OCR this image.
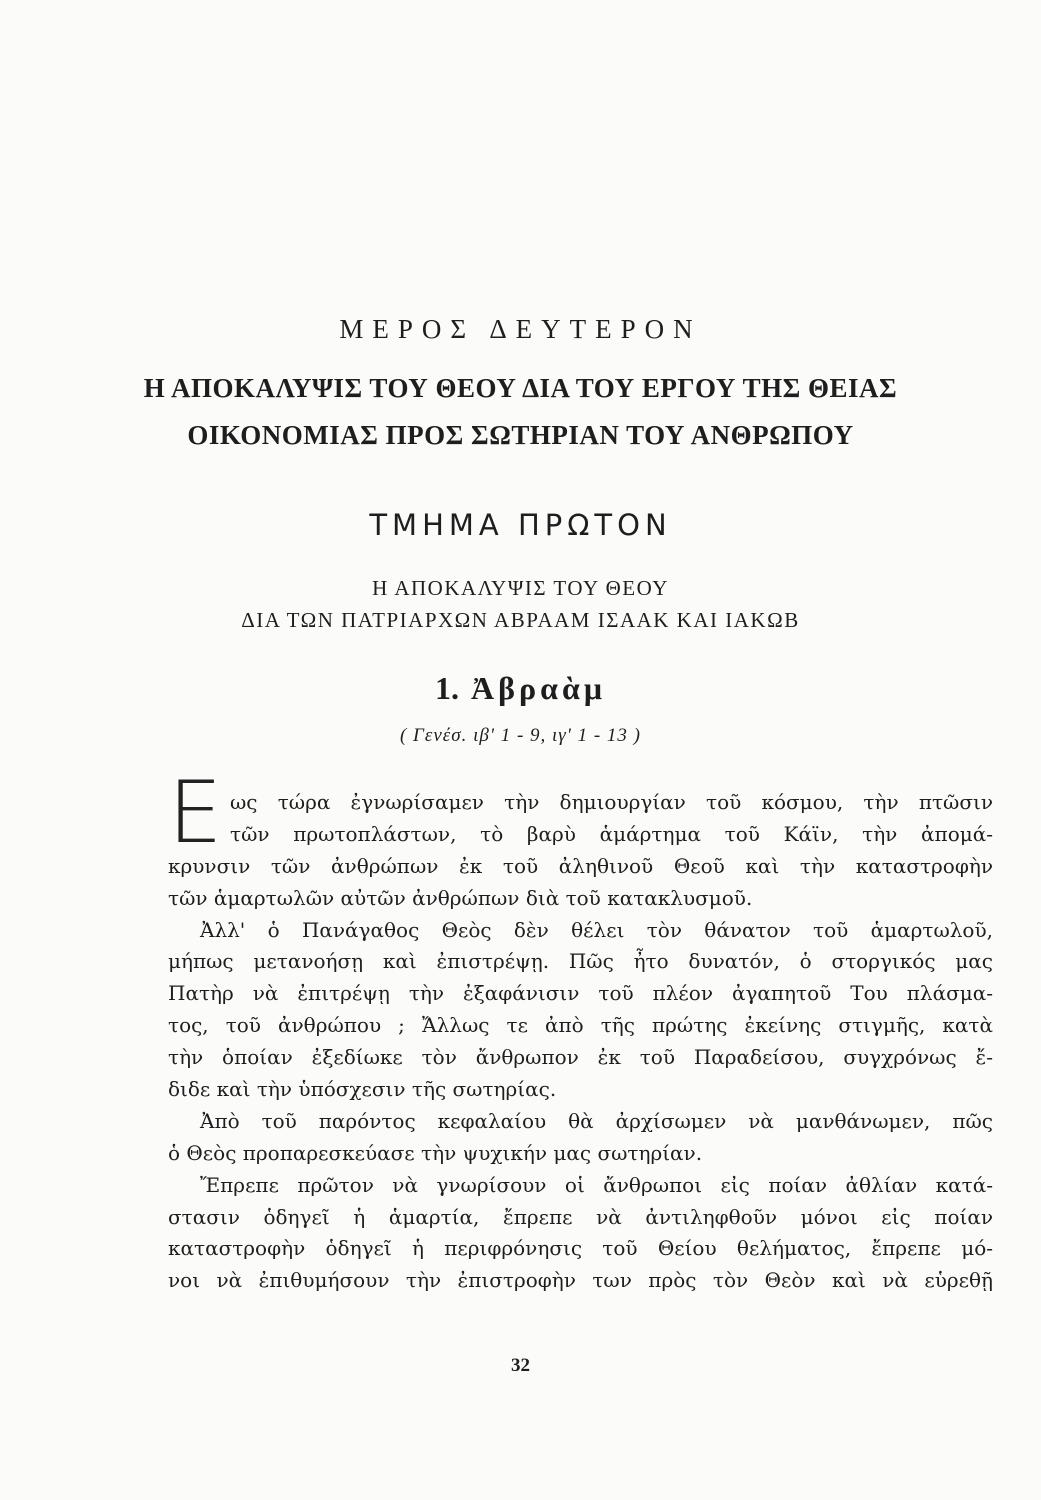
ΜΕΡΟΣ ΔΕΥΤΕΡΟΝ
Η ΑΠΟΚΑΛΥΨΙΣ ΤΟΥ ΘΕΟΥ ΔΙΑ ΤΟΥ ΕΡΓΟΥ ΤΗΣ ΘΕΙΑΣ
ΟΙΚΟΝΟΜΙΑΣ ΠΡΟΣ ΣΩΤΗΡΙΑΝ ΤΟΥ ΑΝΘΡΩΠΟΥ
ΤΜΗΜΑ ΠΡΩΤΟΝ
Η ΑΠΟΚΑΛΥΨΙΣ ΤΟΥ ΘΕΟΥ
ΔΙΑ ΤΩΝ ΠΑΤΡΙΑΡΧΩΝ ΑΒΡΑΑΜ ΙΣΑΑΚ ΚΑΙ ΙΑΚΩΒ
1. Ἀβραὰμ
( Γενέσ. ιβ' 1 - 9, ιγ' 1 - 13 )
Ε ως τώρα ἐγνωρίσαμεν τὴν δημιουργίαν τοῦ κόσμου, τὴν πτῶσιν
τῶν πρωτοπλάστων, τὸ βαρὺ ἁμάρτημα τοῦ Κάϊν, τὴν ἀπομά-
κρυνσιν τῶν ἀνθρώπων ἐκ τοῦ ἀληθινοῦ Θεοῦ καὶ τὴν καταστροφὴν
τῶν ἁμαρτωλῶν αὐτῶν ἀνθρώπων διὰ τοῦ κατακλυσμοῦ.
Ἀλλ' ὁ Πανάγαθος Θεὸς δὲν θέλει τὸν θάνατον τοῦ ἁμαρτωλοῦ,
μήπως μετανοήσῃ καὶ ἐπιστρέψῃ. Πῶς ἦτο δυνατόν, ὁ στοργικός μας
Πατὴρ νὰ ἐπιτρέψῃ τὴν ἐξαφάνισιν τοῦ πλέον ἀγαπητοῦ Του πλάσμα-
τος, τοῦ ἀνθρώπου ; Ἄλλως τε ἀπὸ τῆς πρώτης ἐκείνης στιγμῆς, κατὰ
τὴν ὁποίαν ἐξεδίωκε τὸν ἄνθρωπον ἐκ τοῦ Παραδείσου, συγχρόνως ἔ-
διδε καὶ τὴν ὑπόσχεσιν τῆς σωτηρίας.
Ἀπὸ τοῦ παρόντος κεφαλαίου θὰ ἀρχίσωμεν νὰ μανθάνωμεν, πῶς
ὁ Θεὸς προπαρεσκεύασε τὴν ψυχικήν μας σωτηρίαν.
Ἔπρεπε πρῶτον νὰ γνωρίσουν οἱ ἄνθρωποι εἰς ποίαν ἀθλίαν κατά-
στασιν ὁδηγεῖ ἡ ἁμαρτία, ἔπρεπε νὰ ἀντιληφθοῦν μόνοι εἰς ποίαν
καταστροφὴν ὁδηγεῖ ἡ περιφρόνησις τοῦ Θείου θελήματος, ἔπρεπε μό-
νοι νὰ ἐπιθυμήσουν τὴν ἐπιστροφὴν των πρὸς τὸν Θεὸν καὶ νὰ εὑρεθῇ
32
